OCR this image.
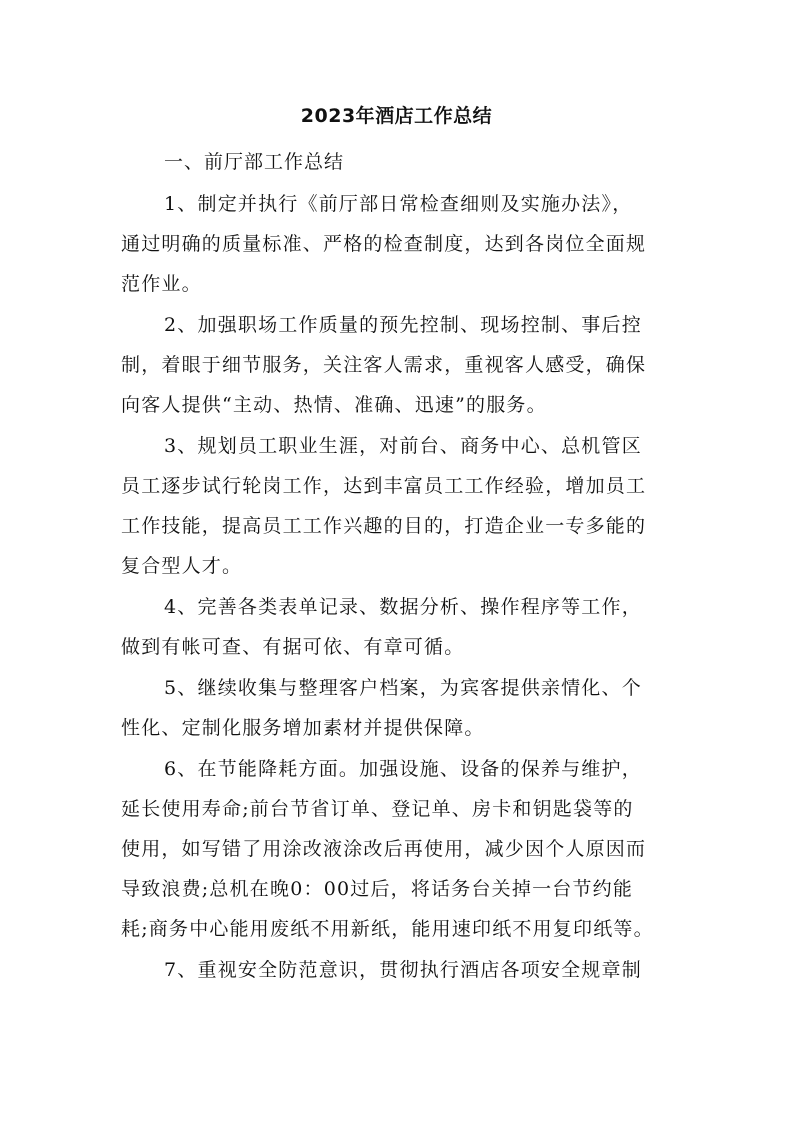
2023年酒店工作总结
一、前厅部工作总结
1、制定并执行《前厅部日常检查细则及实施办法》，
通过明确的质量标准、严格的检查制度，达到各岗位全面规
范作业。
2、加强职场工作质量的预先控制、现场控制、事后控
制，着眼于细节服务，关注客人需求，重视客人感受，确保
向客人提供“主动、热情、准确、迅速”的服务。
3、规划员工职业生涯，对前台、商务中心、总机管区
员工逐步试行轮岗工作，达到丰富员工工作经验，增加员工
工作技能，提高员工工作兴趣的目的，打造企业一专多能的
复合型人才。
4、完善各类表单记录、数据分析、操作程序等工作，
做到有帐可查、有据可依、有章可循。
5、继续收集与整理客户档案，为宾客提供亲情化、个
性化、定制化服务增加素材并提供保障。
6、在节能降耗方面。加强设施、设备的保养与维护，
延长使用寿命;前台节省订单、登记单、房卡和钥匙袋等的
使用，如写错了用涂改液涂改后再使用，减少因个人原因而
导致浪费;总机在晚0：00过后，将话务台关掉一台节约能
耗;商务中心能用废纸不用新纸，能用速印纸不用复印纸等。
7、重视安全防范意识，贯彻执行酒店各项安全规章制
